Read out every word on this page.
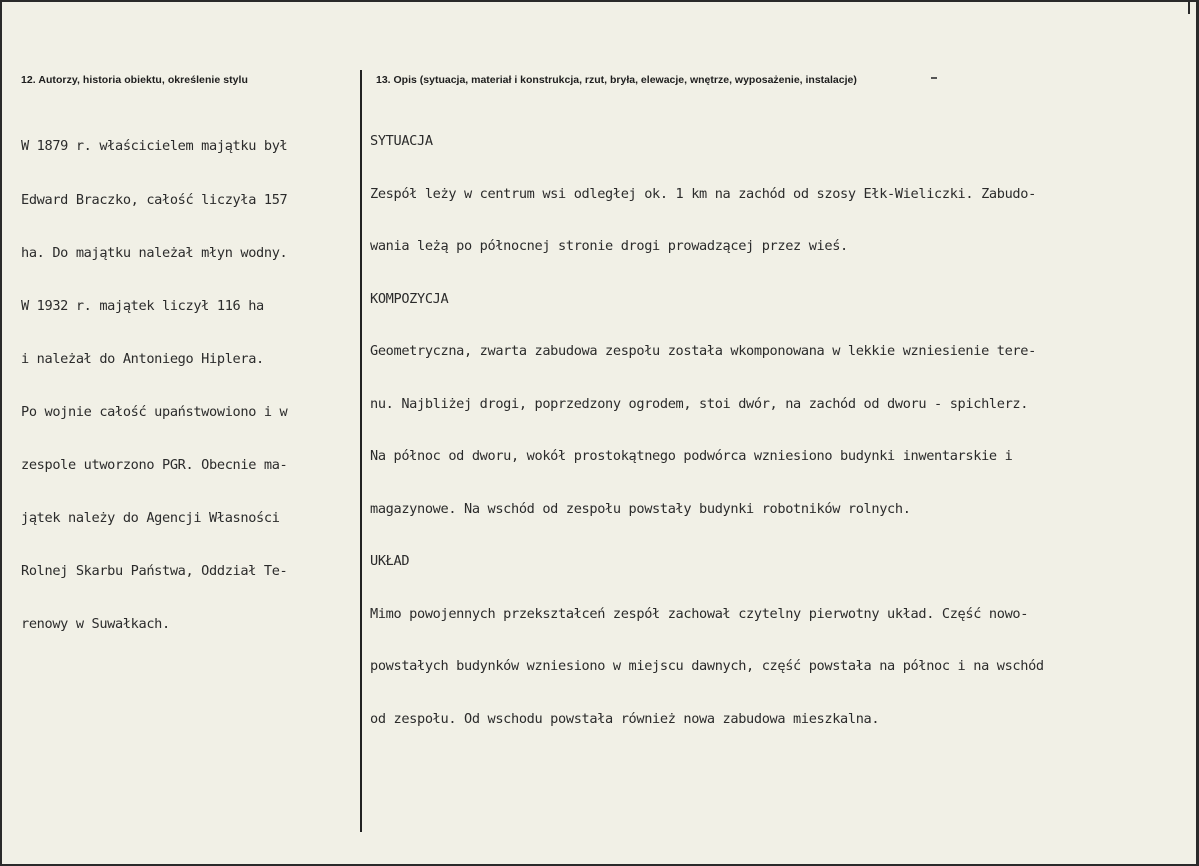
12. Autorzy, historia obiektu, określenie stylu	13. Opis (sytuacja, materiał i konstrukcja, rzut, bryła, elewacje, wnętrze, wyposażenie, instalacje)

W 1879 r. właścicielem majątku był

Edward Braczko, całość liczyła 157

ha. Do majątku należał młyn wodny.

W 1932 r. majątek liczył 116 ha

i należał do Antoniego Hiplera.

Po wojnie całość upaństwowiono i w

zespole utworzono PGR. Obecnie ma-

jątek należy do Agencji Własności

Rolnej Skarbu Państwa, Oddział Te-

renowy w Suwałkach.

SYTUACJA

Zespół leży w centrum wsi odległej ok. 1 km na zachód od szosy Ełk-Wieliczki. Zabudo-

wania leżą po północnej stronie drogi prowadzącej przez wieś.

KOMPOZYCJA

Geometryczna, zwarta zabudowa zespołu została wkomponowana w lekkie wzniesienie tere-

nu. Najbliżej drogi, poprzedzony ogrodem, stoi dwór, na zachód od dworu - spichlerz.

Na północ od dworu, wokół prostokątnego podwórca wzniesiono budynki inwentarskie i

magazynowe. Na wschód od zespołu powstały budynki robotników rolnych.

UKŁAD

Mimo powojennych przekształceń zespół zachował czytelny pierwotny układ. Część nowo-

powstałych budynków wzniesiono w miejscu dawnych, część powstała na północ i na wschód

od zespołu. Od wschodu powstała również nowa zabudowa mieszkalna.
